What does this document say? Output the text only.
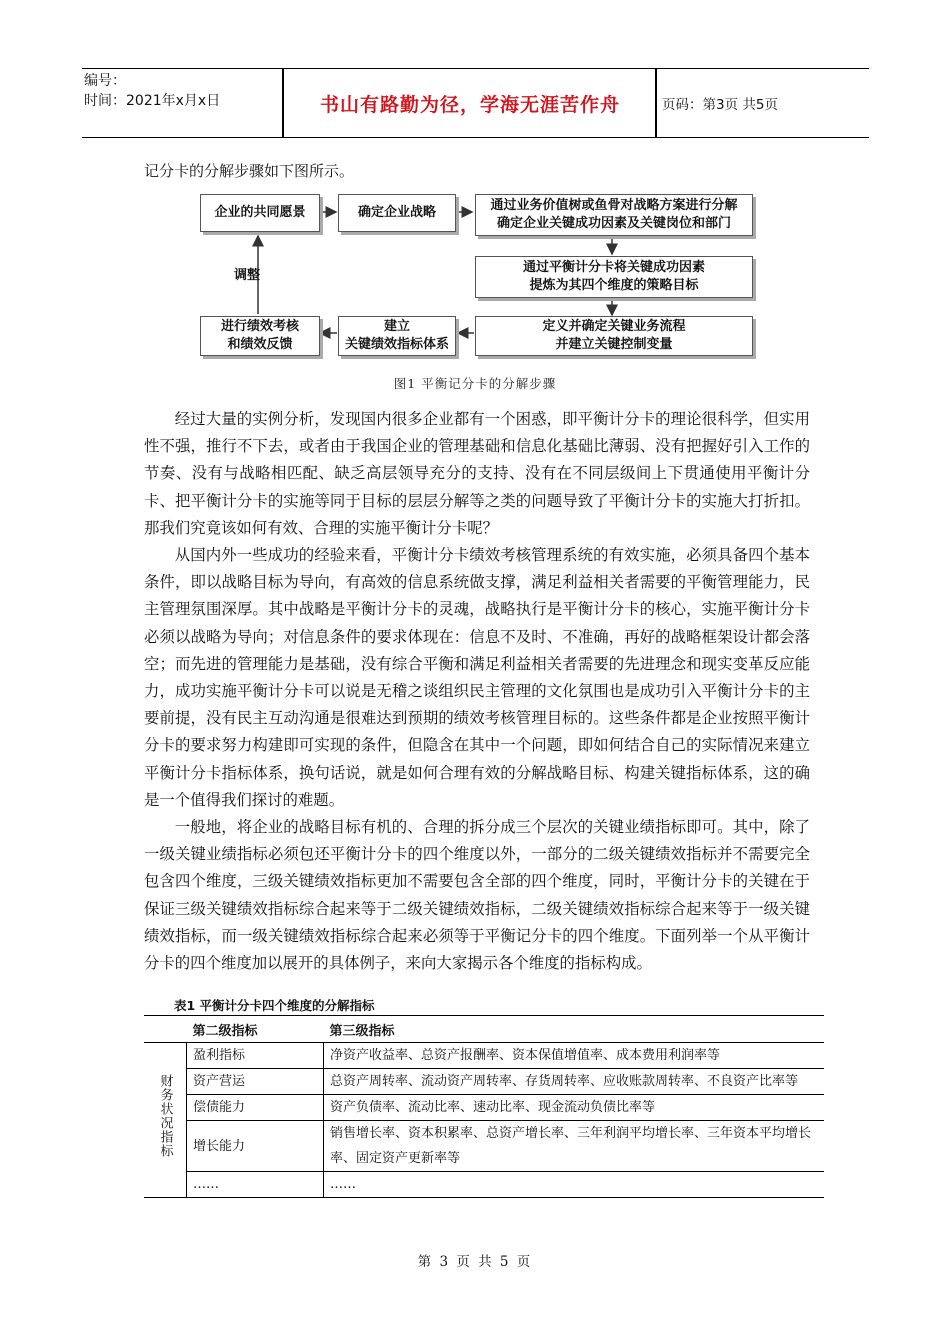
编号：
时间：2021年x月x日	书山有路勤为径，学海无涯苦作舟	页码：第3页 共5页
记分卡的分解步骤如下图所示。
企业的共同愿景	确定企业战略	通过业务价值树或鱼骨对战略方案进行分解
确定企业关键成功因素及关键岗位和部门
通过平衡计分卡将关键成功因素
提炼为其四个维度的策略目标
定义并确定关键业务流程
并建立关键控制变量
建立
关键绩效指标体系
进行绩效考核
和绩效反馈
调整
图1 平衡记分卡的分解步骤

经过大量的实例分析，发现国内很多企业都有一个困惑，即平衡计分卡的理论很科学，但实用性不强，推行不下去，或者由于我国企业的管理基础和信息化基础比薄弱、没有把握好引入工作的节奏、没有与战略相匹配、缺乏高层领导充分的支持、没有在不同层级间上下贯通使用平衡计分卡、把平衡计分卡的实施等同于目标的层层分解等之类的问题导致了平衡计分卡的实施大打折扣。那我们究竟该如何有效、合理的实施平衡计分卡呢？

从国内外一些成功的经验来看，平衡计分卡绩效考核管理系统的有效实施，必须具备四个基本条件，即以战略目标为导向，有高效的信息系统做支撑，满足利益相关者需要的平衡管理能力，民主管理氛围深厚。其中战略是平衡计分卡的灵魂，战略执行是平衡计分卡的核心，实施平衡计分卡必须以战略为导向；对信息条件的要求体现在：信息不及时、不准确，再好的战略框架设计都会落空；而先进的管理能力是基础，没有综合平衡和满足利益相关者需要的先进理念和现实变革反应能力，成功实施平衡计分卡可以说是无稽之谈组织民主管理的文化氛围也是成功引入平衡计分卡的主要前提，没有民主互动沟通是很难达到预期的绩效考核管理目标的。这些条件都是企业按照平衡计分卡的要求努力构建即可实现的条件，但隐含在其中一个问题，即如何结合自己的实际情况来建立平衡计分卡指标体系，换句话说，就是如何合理有效的分解战略目标、构建关键指标体系，这的确是一个值得我们探讨的难题。

一般地，将企业的战略目标有机的、合理的拆分成三个层次的关键业绩指标即可。其中，除了一级关键业绩指标必须包还平衡计分卡的四个维度以外，一部分的二级关键绩效指标并不需要完全包含四个维度，三级关键绩效指标更加不需要包含全部的四个维度，同时，平衡计分卡的关键在于保证三级关键绩效指标综合起来等于二级关键绩效指标，二级关键绩效指标综合起来等于一级关键绩效指标，而一级关键绩效指标综合起来必须等于平衡记分卡的四个维度。下面列举一个从平衡计分卡的四个维度加以展开的具体例子，来向大家揭示各个维度的指标构成。

表1 平衡计分卡四个维度的分解指标
	第二级指标	第三级指标
财务状况指标	盈利指标	净资产收益率、总资产报酬率、资本保值增值率、成本费用利润率等
	资产营运	总资产周转率、流动资产周转率、存货周转率、应收账款周转率、不良资产比率等
	偿债能力	资产负债率、流动比率、速动比率、现金流动负债比率等
	增长能力	销售增长率、资本积累率、总资产增长率、三年利润平均增长率、三年资本平均增长率、固定资产更新率等
	……	……
第 3 页 共 5 页
